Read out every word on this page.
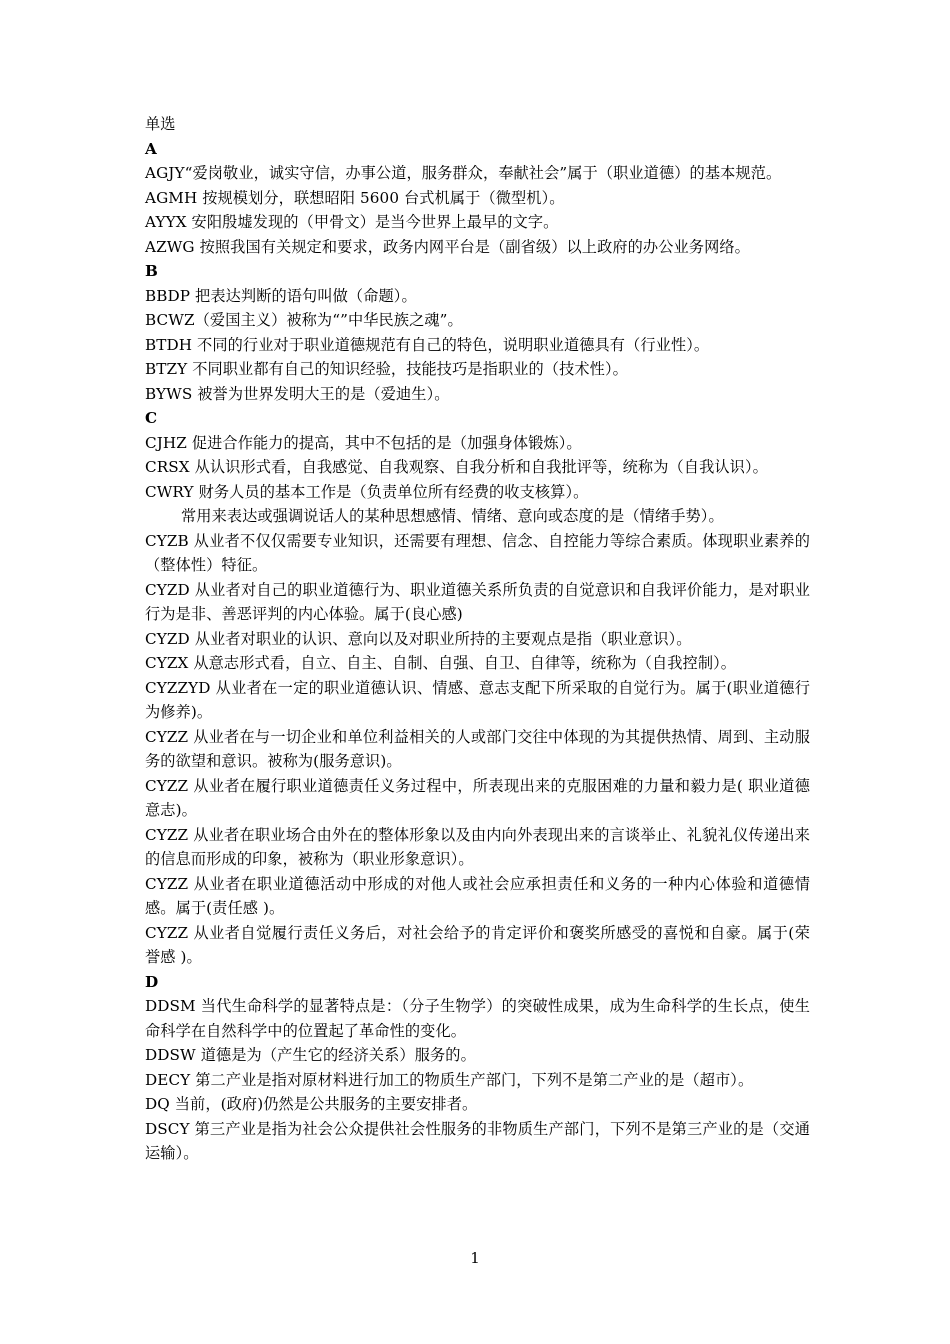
单选

A

AGJY“爱岗敬业，诚实守信，办事公道，服务群众，奉献社会”属于（职业道德）的基本规范。

AGMH 按规模划分，联想昭阳 5600 台式机属于（微型机）。

AYYX 安阳殷墟发现的（甲骨文）是当今世界上最早的文字。

AZWG 按照我国有关规定和要求，政务内网平台是（副省级）以上政府的办公业务网络。

B

BBDP 把表达判断的语句叫做（命题）。

BCWZ（爱国主义）被称为“”中华民族之魂”。

BTDH 不同的行业对于职业道德规范有自己的特色，说明职业道德具有（行业性）。

BTZY 不同职业都有自己的知识经验，技能技巧是指职业的（技术性）。

BYWS 被誉为世界发明大王的是（爱迪生）。

C

CJHZ 促进合作能力的提高，其中不包括的是（加强身体锻炼）。

CRSX 从认识形式看，自我感觉、自我观察、自我分析和自我批评等，统称为（自我认识）。

CWRY 财务人员的基本工作是（负责单位所有经费的收支核算）。

常用来表达或强调说话人的某种思想感情、情绪、意向或态度的是（情绪手势）。

CYZB 从业者不仅仅需要专业知识，还需要有理想、信念、自控能力等综合素质。体现职业素养的（整体性）特征。

CYZD 从业者对自己的职业道德行为、职业道德关系所负责的自觉意识和自我评价能力，是对职业行为是非、善恶评判的内心体验。属于(良心感)

CYZD 从业者对职业的认识、意向以及对职业所持的主要观点是指（职业意识）。

CYZX 从意志形式看，自立、自主、自制、自强、自卫、自律等，统称为（自我控制）。

CYZZYD 从业者在一定的职业道德认识、情感、意志支配下所采取的自觉行为。属于(职业道德行为修养)。

CYZZ 从业者在与一切企业和单位利益相关的人或部门交往中体现的为其提供热情、周到、主动服务的欲望和意识。被称为(服务意识)。

CYZZ 从业者在履行职业道德责任义务过程中，所表现出来的克服困难的力量和毅力是( 职业道德意志)。

CYZZ 从业者在职业场合由外在的整体形象以及由内向外表现出来的言谈举止、礼貌礼仪传递出来的信息而形成的印象，被称为（职业形象意识）。

CYZZ 从业者在职业道德活动中形成的对他人或社会应承担责任和义务的一种内心体验和道德情感。属于(责任感 )。

CYZZ 从业者自觉履行责任义务后，对社会给予的肯定评价和褒奖所感受的喜悦和自豪。属于(荣誉感 )。

D

DDSM 当代生命科学的显著特点是：（分子生物学）的突破性成果，成为生命科学的生长点，使生命科学在自然科学中的位置起了革命性的变化。

DDSW 道德是为（产生它的经济关系）服务的。

DECY 第二产业是指对原材料进行加工的物质生产部门，下列不是第二产业的是（超市）。

DQ 当前，(政府)仍然是公共服务的主要安排者。

DSCY 第三产业是指为社会公众提供社会性服务的非物质生产部门，下列不是第三产业的是（交通运输）。

1
